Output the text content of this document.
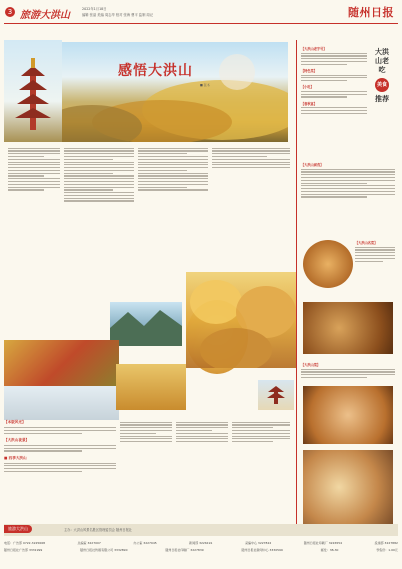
3 旅游大洪山
2022年1月18日
编辑 张晶 美编 周志华 校对 张海 曹平 监制 周记	随州日报
感悟大洪山
■ 张书
【本版风光】
【大洪山夜景】
■ 四季大洪山
大洪
山老
吃
美食
推荐
【大洪山老字号】
【特色菜】
【小吃】
【春秋宴】
【大洪山面食】
【大洪山名菜】
【大洪山菜】
旅游大洪山	主办：大洪山风景名胜区管理委员会 随州日报社
电话：广告部 0722-3225668	总编室 3227007	办公室 3227945	新闻部 3226191	采编中心 3227822	随州日报社印刷厂 3226554	投递部 3227882
随州日报社广告部 3331999	随州日报社传媒有限公司 3332890	随州日报社印刷厂 3227839	随州日报社新闻中心 3330599	邮发：38-30	零售价：1.00元
